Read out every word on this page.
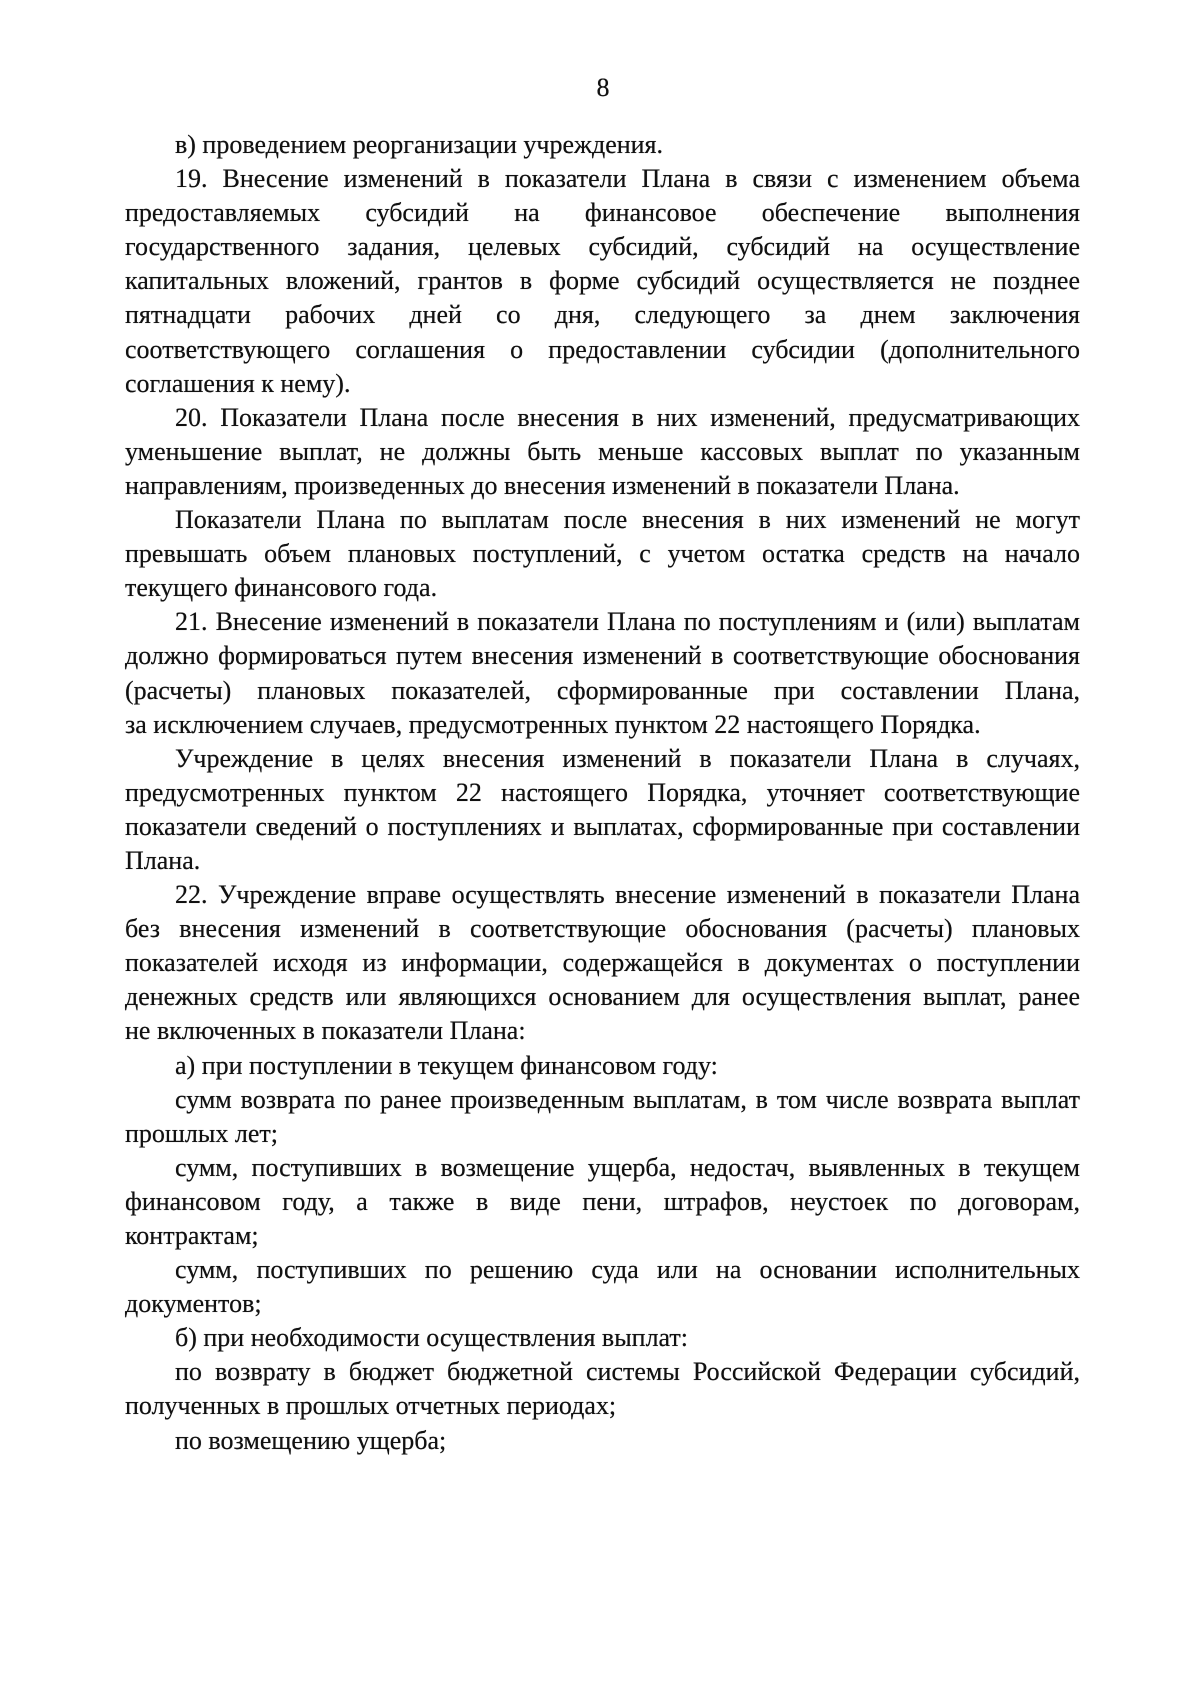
8
в) проведением реорганизации учреждения.
19. Внесение изменений в показатели Плана в связи с изменением объема
предоставляемых субсидий на финансовое обеспечение выполнения
государственного задания, целевых субсидий, субсидий на осуществление
капитальных вложений, грантов в форме субсидий осуществляется не позднее
пятнадцати рабочих дней со дня, следующего за днем заключения
соответствующего соглашения о предоставлении субсидии (дополнительного
соглашения к нему).
20. Показатели Плана после внесения в них изменений, предусматривающих
уменьшение выплат, не должны быть меньше кассовых выплат по указанным
направлениям, произведенных до внесения изменений в показатели Плана.
Показатели Плана по выплатам после внесения в них изменений не могут
превышать объем плановых поступлений, с учетом остатка средств на начало
текущего финансового года.
21. Внесение изменений в показатели Плана по поступлениям и (или) выплатам
должно формироваться путем внесения изменений в соответствующие обоснования
(расчеты) плановых показателей, сформированные при составлении Плана,
за исключением случаев, предусмотренных пунктом 22 настоящего Порядка.
Учреждение в целях внесения изменений в показатели Плана в случаях,
предусмотренных пунктом 22 настоящего Порядка, уточняет соответствующие
показатели сведений о поступлениях и выплатах, сформированные при составлении
Плана.
22. Учреждение вправе осуществлять внесение изменений в показатели Плана
без внесения изменений в соответствующие обоснования (расчеты) плановых
показателей исходя из информации, содержащейся в документах о поступлении
денежных средств или являющихся основанием для осуществления выплат, ранее
не включенных в показатели Плана:
а) при поступлении в текущем финансовом году:
сумм возврата по ранее произведенным выплатам, в том числе возврата выплат
прошлых лет;
сумм, поступивших в возмещение ущерба, недостач, выявленных в текущем
финансовом году, а также в виде пени, штрафов, неустоек по договорам,
контрактам;
сумм, поступивших по решению суда или на основании исполнительных
документов;
б) при необходимости осуществления выплат:
по возврату в бюджет бюджетной системы Российской Федерации субсидий,
полученных в прошлых отчетных периодах;
по возмещению ущерба;
